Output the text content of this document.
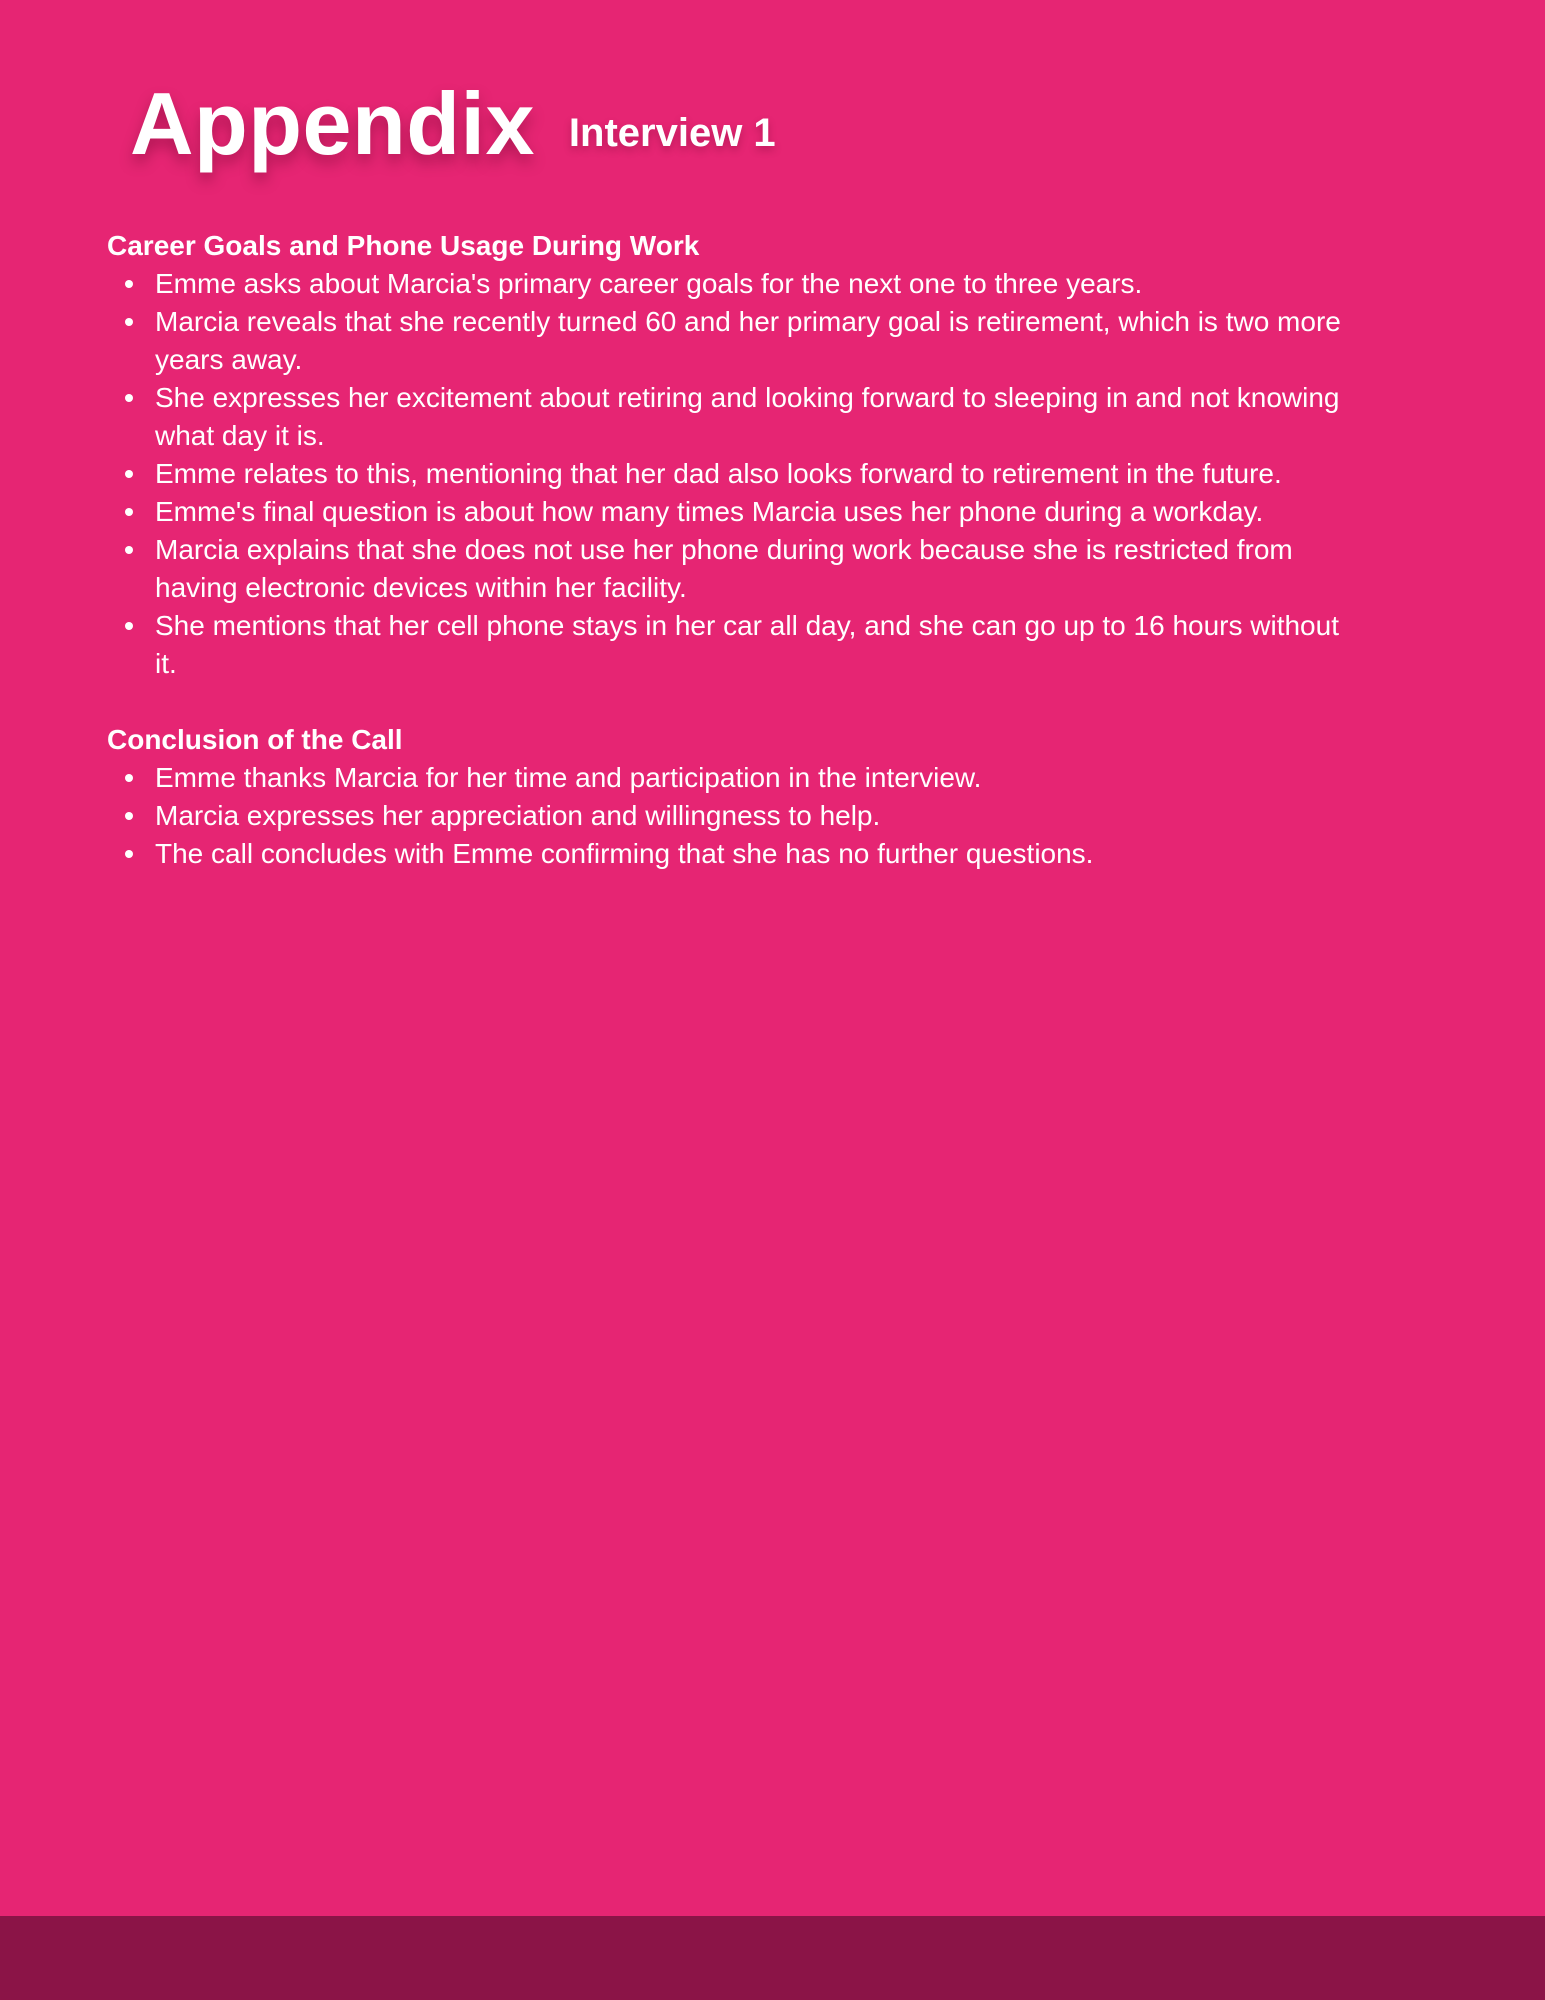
Appendix Interview 1
Career Goals and Phone Usage During Work
Emme asks about Marcia's primary career goals for the next one to three years.
Marcia reveals that she recently turned 60 and her primary goal is retirement, which is two more years away.
She expresses her excitement about retiring and looking forward to sleeping in and not knowing what day it is.
Emme relates to this, mentioning that her dad also looks forward to retirement in the future.
Emme's final question is about how many times Marcia uses her phone during a workday.
Marcia explains that she does not use her phone during work because she is restricted from having electronic devices within her facility.
She mentions that her cell phone stays in her car all day, and she can go up to 16 hours without it.
Conclusion of the Call
Emme thanks Marcia for her time and participation in the interview.
Marcia expresses her appreciation and willingness to help.
The call concludes with Emme confirming that she has no further questions.
